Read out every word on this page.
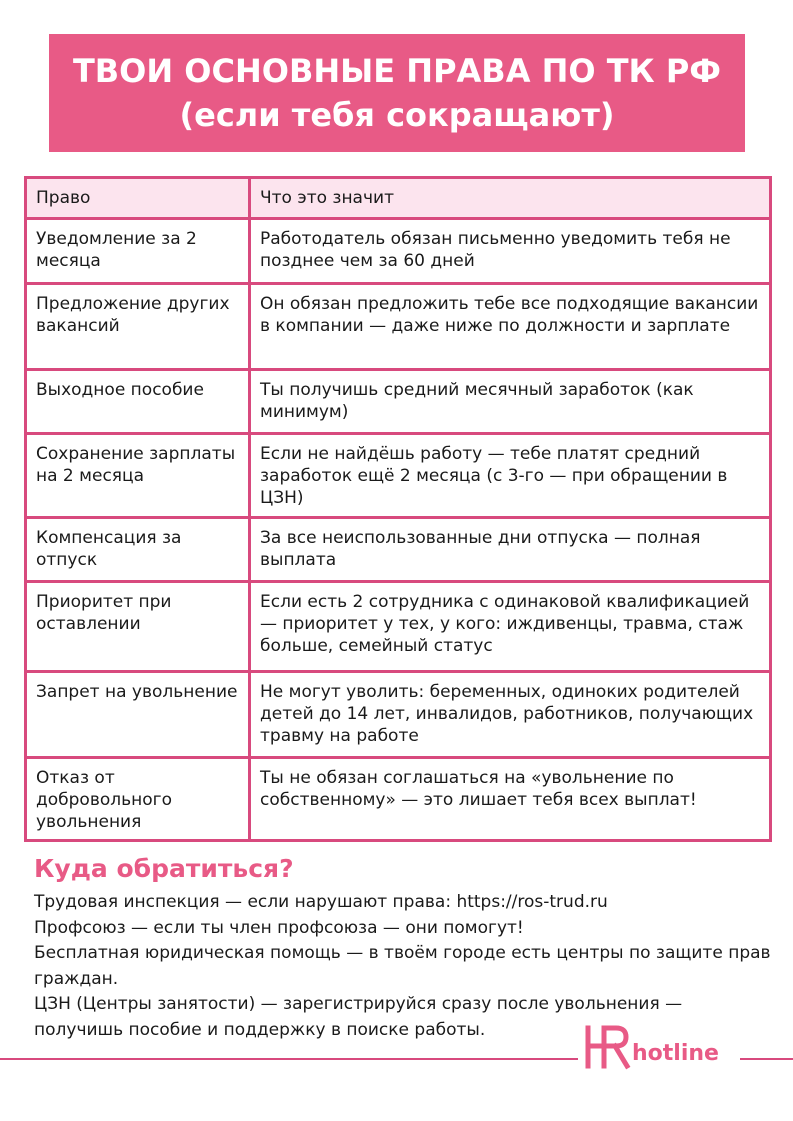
ТВОИ ОСНОВНЫЕ ПРАВА ПО ТК РФ (если тебя сокращают)
Право	Что это значит
Уведомление за 2 месяца	Работодатель обязан письменно уведомить тебя не позднее чем за 60 дней
Предложение других вакансий	Он обязан предложить тебе все подходящие вакансии в компании — даже ниже по должности и зарплате
Выходное пособие	Ты получишь средний месячный заработок (как минимум)
Сохранение зарплаты на 2 месяца	Если не найдёшь работу — тебе платят средний заработок ещё 2 месяца (с 3-го — при обращении в ЦЗН)
Компенсация за отпуск	За все неиспользованные дни отпуска — полная выплата
Приоритет при оставлении	Если есть 2 сотрудника с одинаковой квалификацией — приоритет у тех, у кого: иждивенцы, травма, стаж больше, семейный статус
Запрет на увольнение	Не могут уволить: беременных, одиноких родителей детей до 14 лет, инвалидов, работников, получающих травму на работе
Отказ от добровольного увольнения	Ты не обязан соглашаться на «увольнение по собственному» — это лишает тебя всех выплат!
Куда обратиться?
Трудовая инспекция — если нарушают права: https://ros-trud.ru
Профсоюз — если ты член профсоюза — они помогут!
Бесплатная юридическая помощь — в твоём городе есть центры по защите прав граждан.
ЦЗН (Центры занятости) — зарегистрируйся сразу после увольнения — получишь пособие и поддержку в поиске работы.
hotline
